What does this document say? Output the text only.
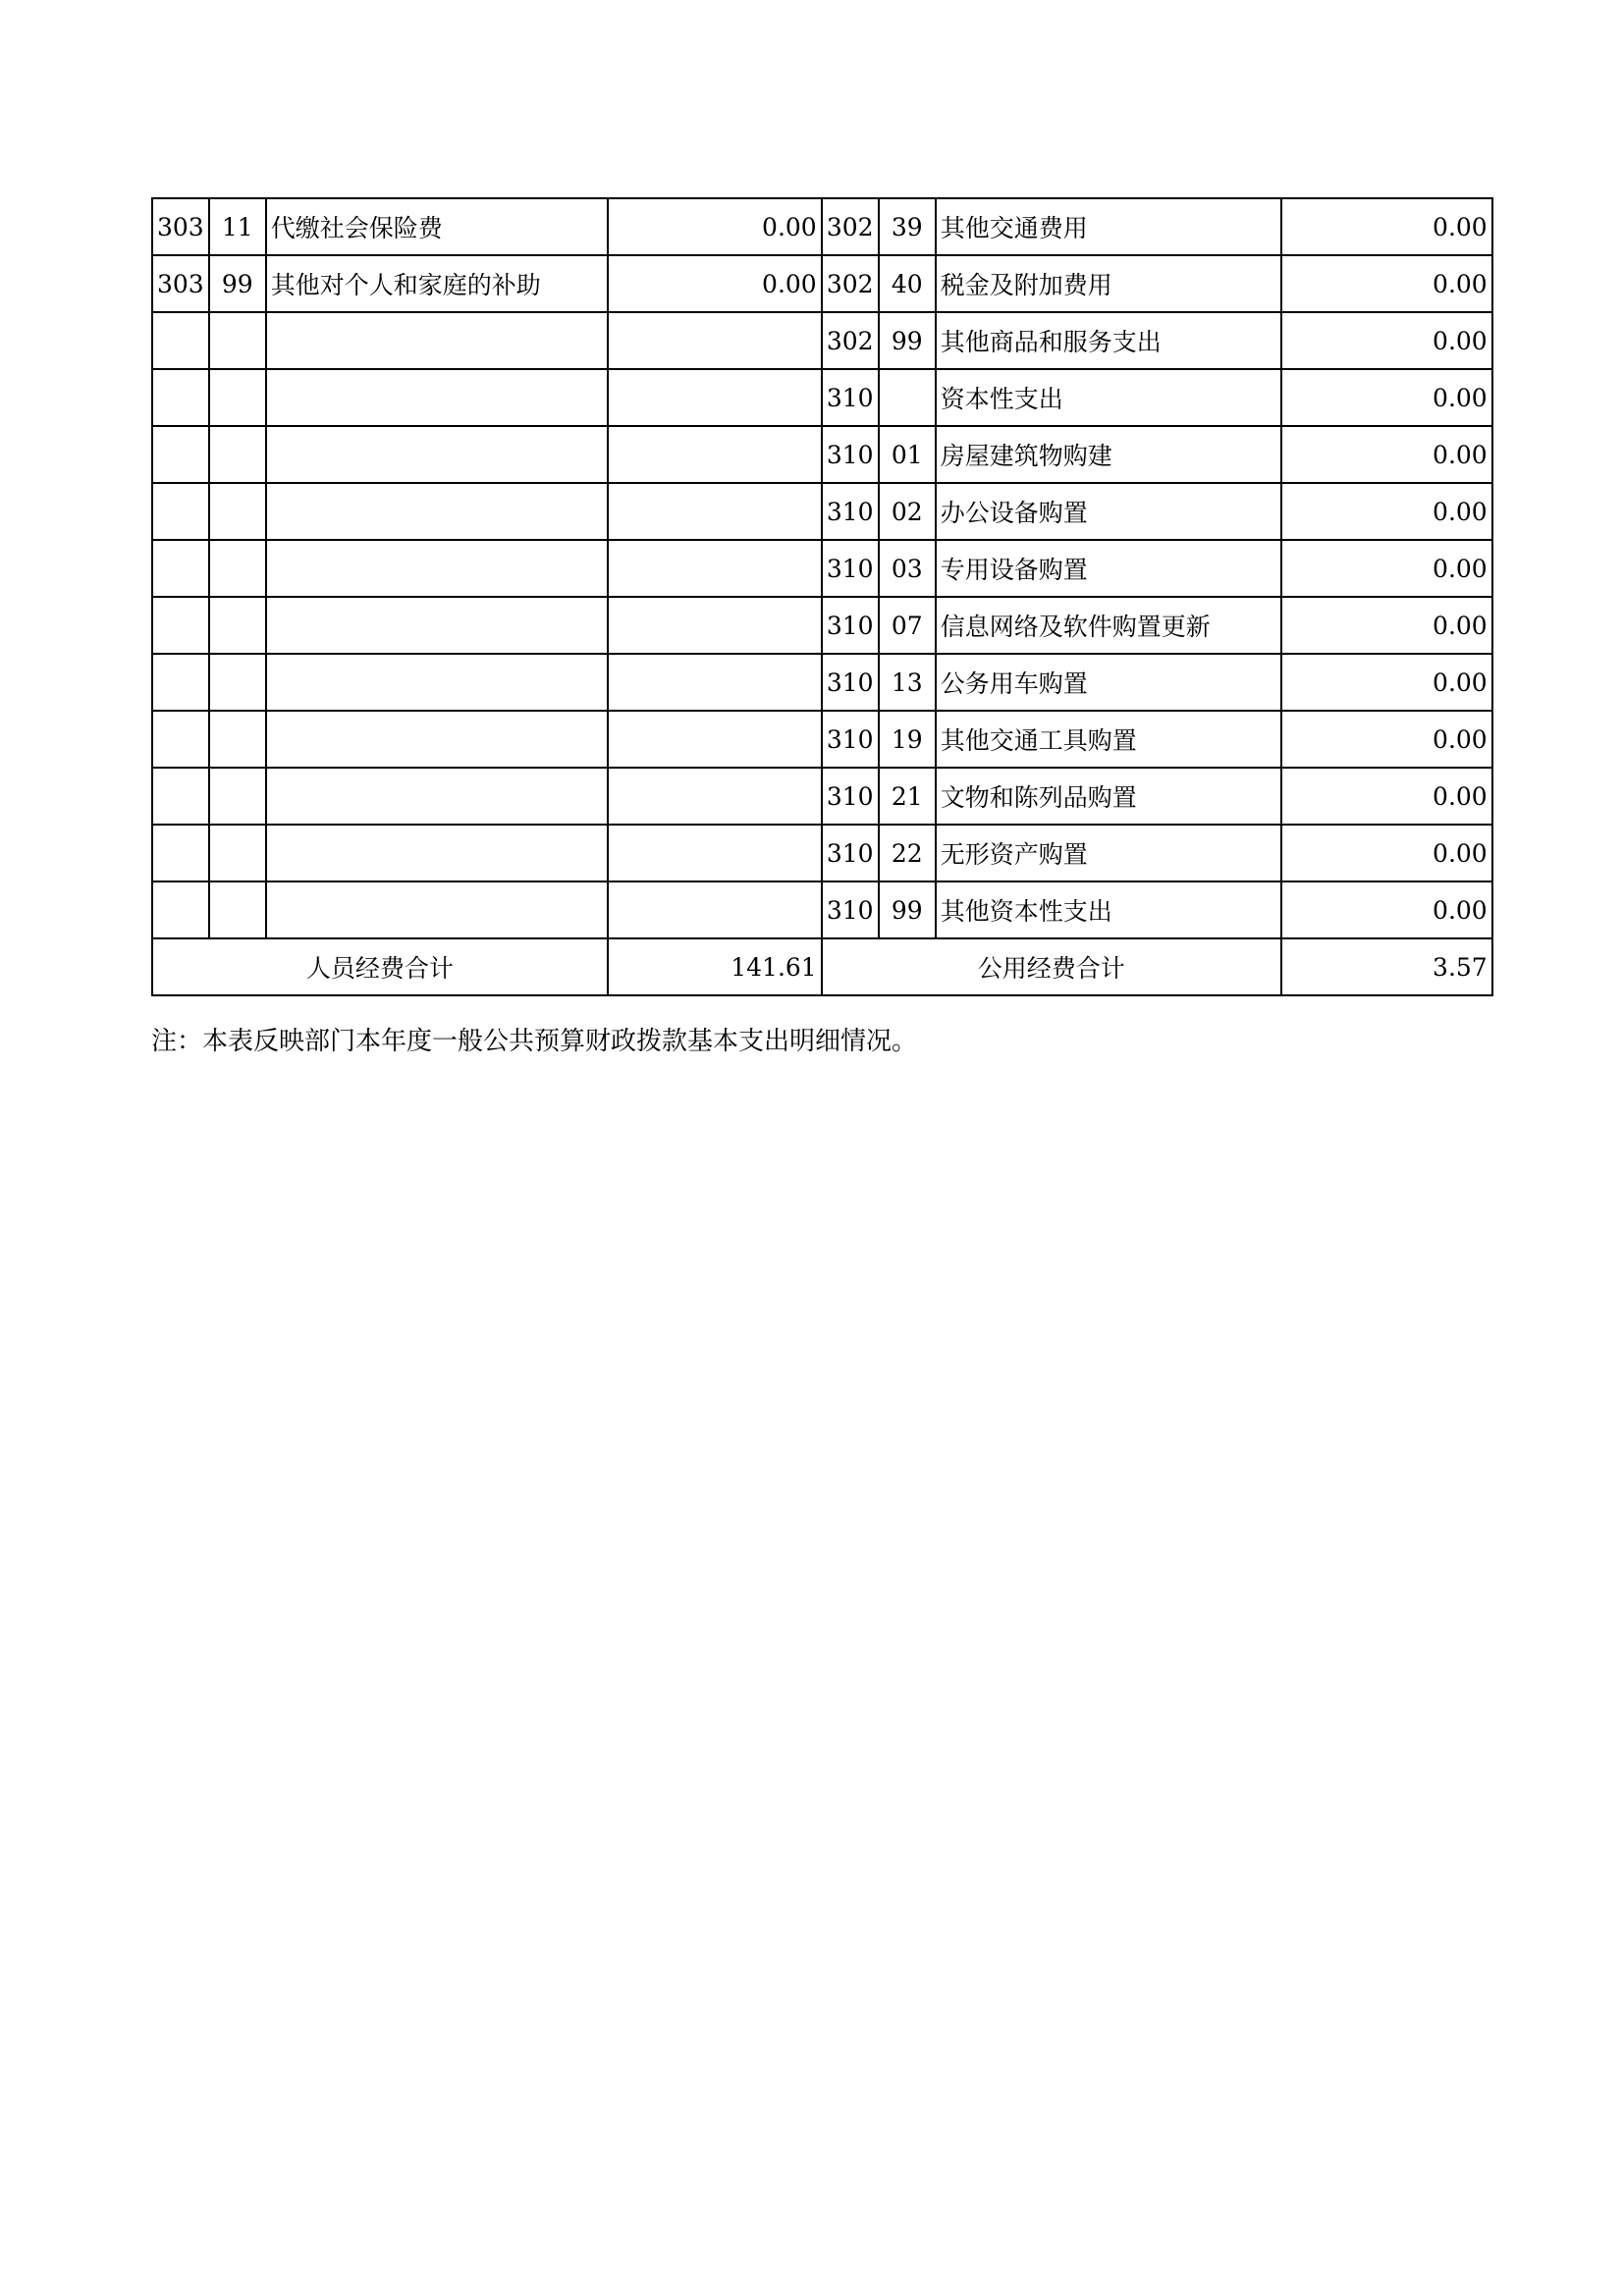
303	11	代缴社会保险费	0.00	302	39	其他交通费用	0.00
303	99	其他对个人和家庭的补助	0.00	302	40	税金及附加费用	0.00
				302	99	其他商品和服务支出	0.00
				310		资本性支出	0.00
				310	01	房屋建筑物购建	0.00
				310	02	办公设备购置	0.00
				310	03	专用设备购置	0.00
				310	07	信息网络及软件购置更新	0.00
				310	13	公务用车购置	0.00
				310	19	其他交通工具购置	0.00
				310	21	文物和陈列品购置	0.00
				310	22	无形资产购置	0.00
				310	99	其他资本性支出	0.00
人员经费合计			141.61	公用经费合计			3.57
注：本表反映部门本年度一般公共预算财政拨款基本支出明细情况。
